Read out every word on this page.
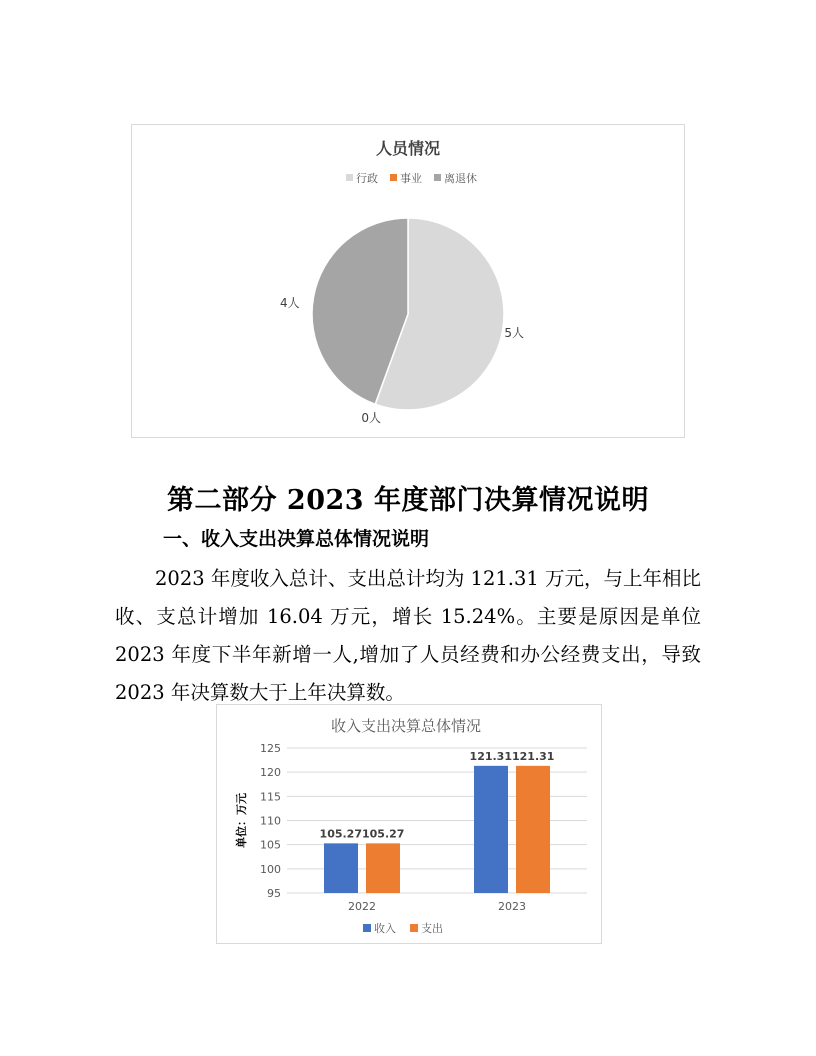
人员情况
行政 事业 离退休
5人
0人
4人
第二部分 2023 年度部门决算情况说明
一、收入支出决算总体情况说明
2023 年度收入总计、支出总计均为 121.31 万元，与上年相比收、支总计增加 16.04 万元，增长 15.24%。主要是原因是单位 2023 年度下半年新增一人,增加了人员经费和办公经费支出，导致 2023 年决算数大于上年决算数。
收入支出决算总体情况
单位：万元
95
100
105
110
115
120
125
105.27105.27
2022
121.31121.31
2023
收入 支出
